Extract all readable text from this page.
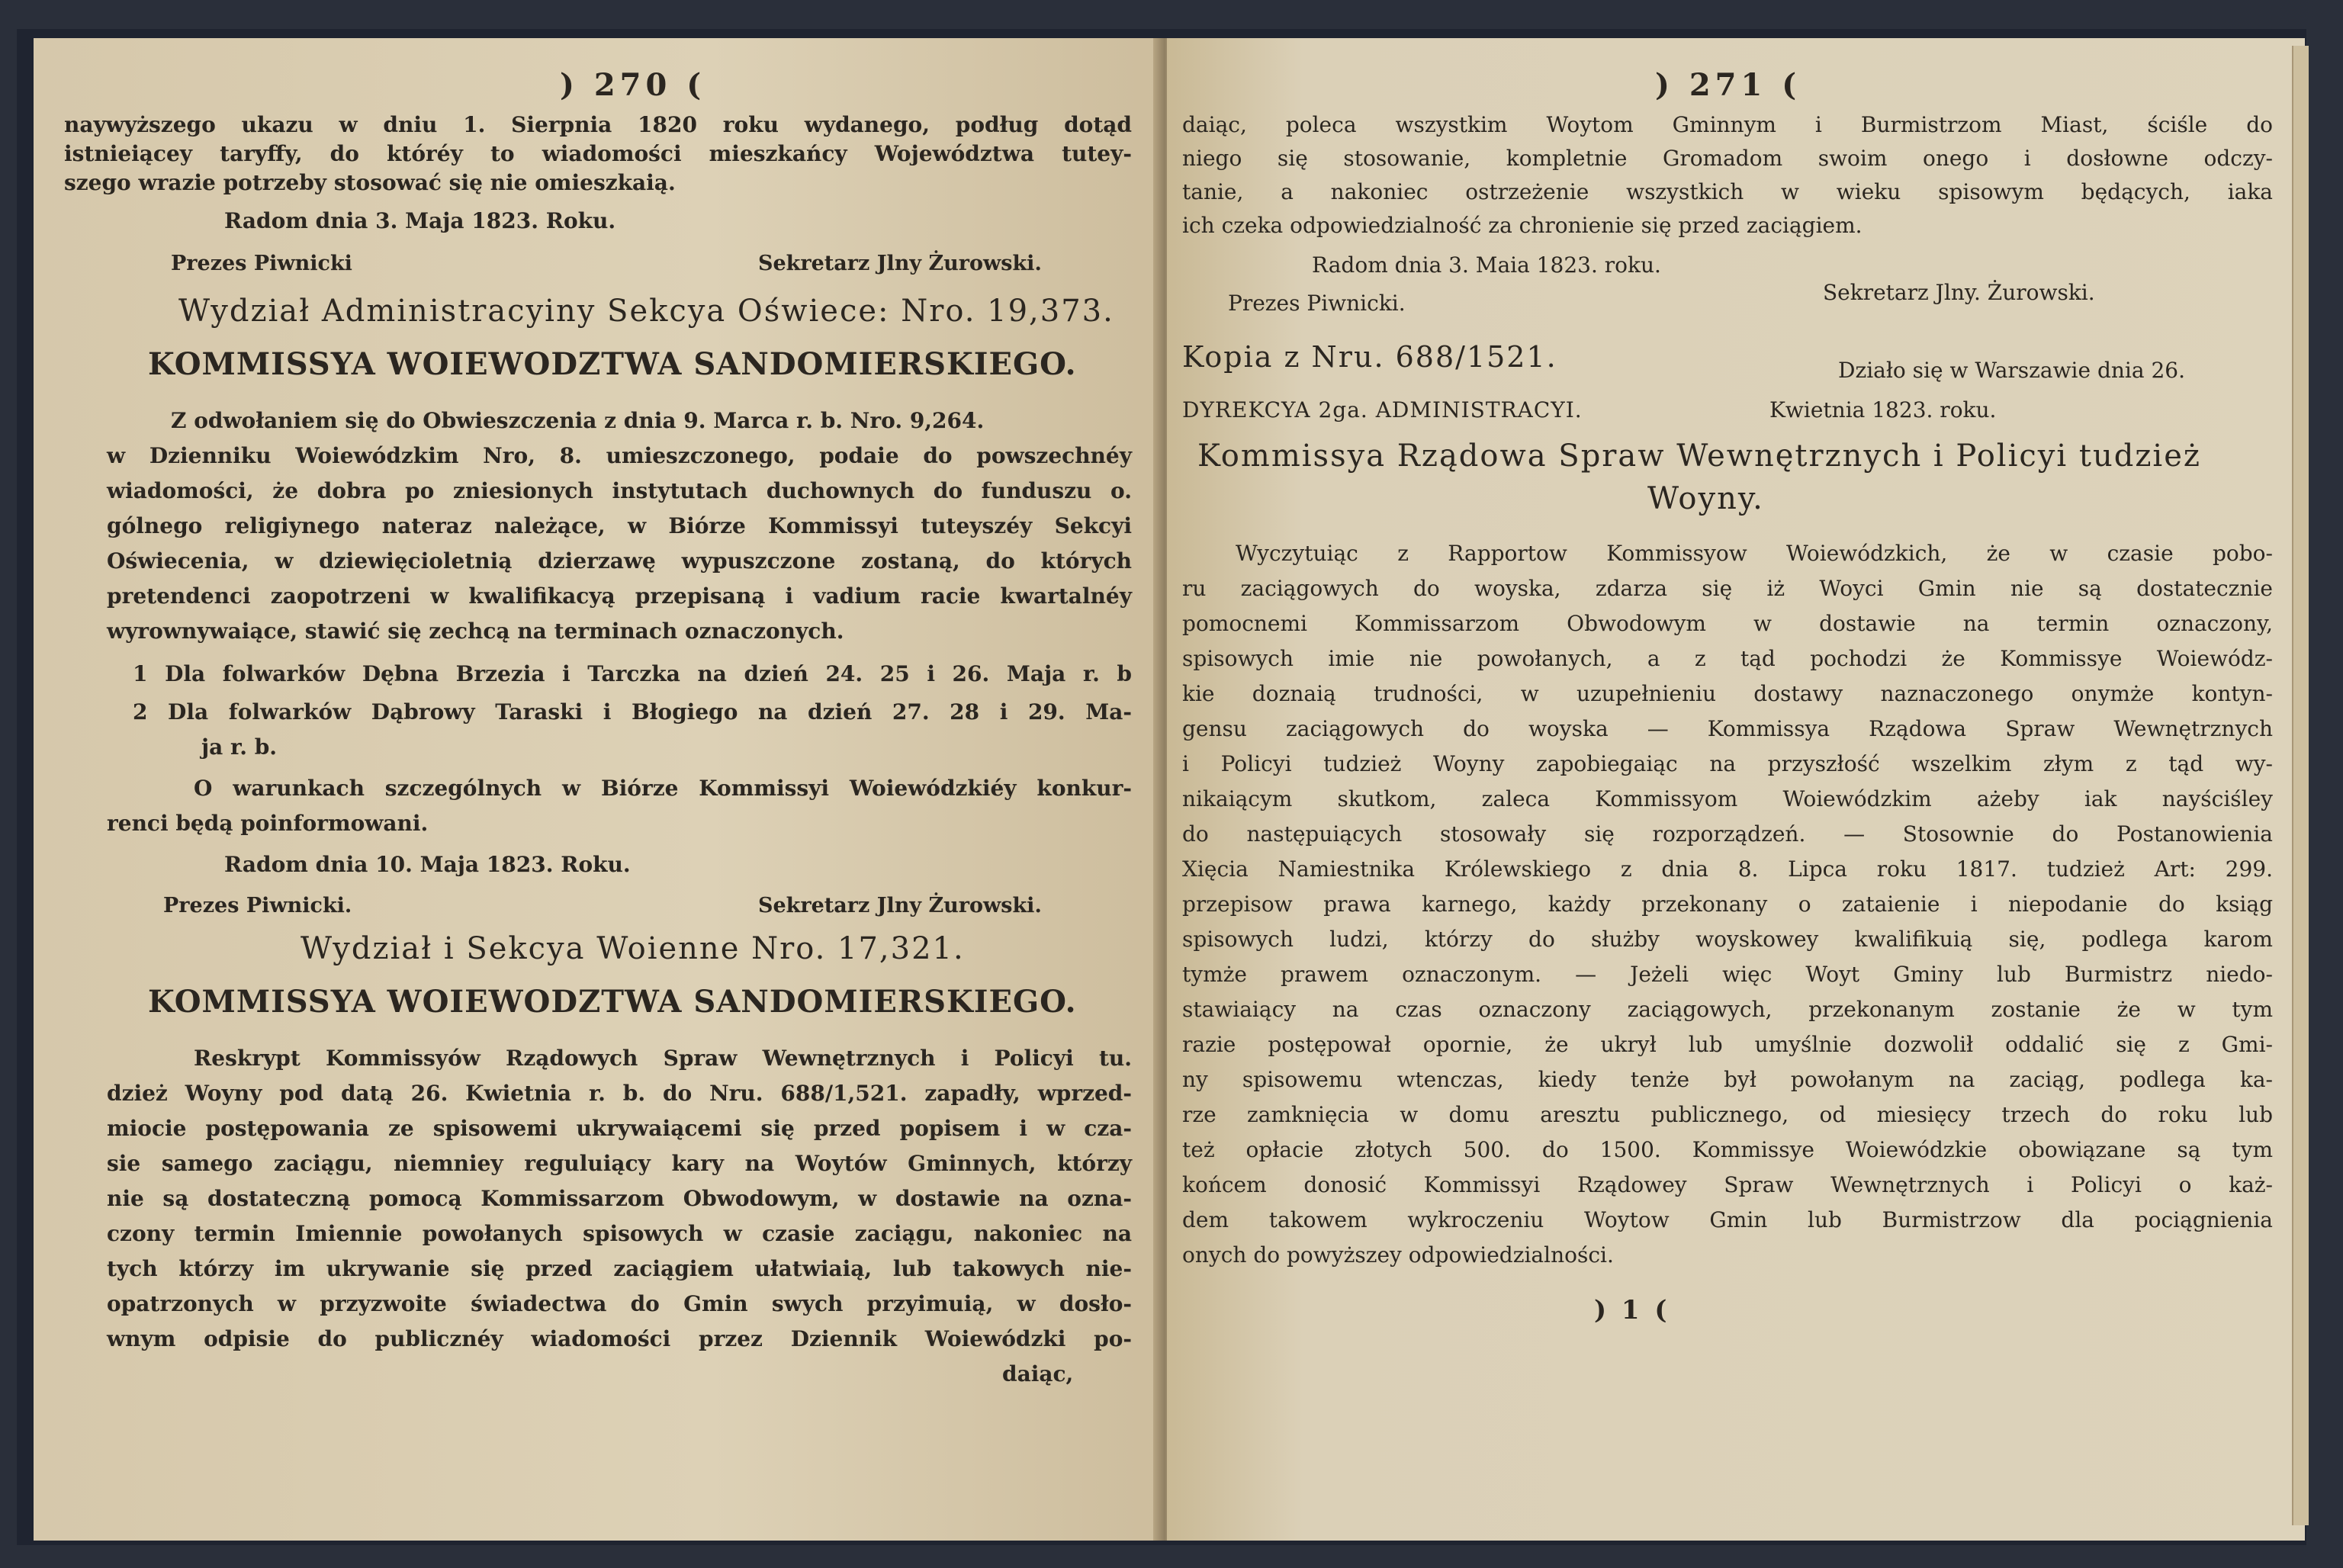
) 270 (
naywyższego ukazu w dniu 1. Sierpnia 1820 roku wydanego, podług dotąd
istnieiącey taryffy, do któréy to wiadomości mieszkańcy Województwa tutey-
szego wrazie potrzeby stosować się nie omieszkaią.
Radom dnia 3. Maja 1823. Roku.
Prezes Piwnicki	Sekretarz Jlny Żurowski.
Wydział Administracyiny Sekcya Oświece: Nro. 19,373.
KOMMISSYA WOIEWODZTWA SANDOMIERSKIEGO.
Z odwołaniem się do Obwieszczenia z dnia 9. Marca r. b. Nro. 9,264.
w Dzienniku Woiewódzkim Nro, 8. umieszczonego, podaie do powszechnéy
wiadomości, że dobra po zniesionych instytutach duchownych do funduszu o.
gólnego religiynego nateraz należące, w Biórze Kommissyi tuteyszéy Sekcyi
Oświecenia, w dziewięcioletnią dzierzawę wypuszczone zostaną, do których
pretendenci zaopotrzeni w kwalifikacyą przepisaną i vadium racie kwartalnéy
wyrownywaiące, stawić się zechcą na terminach oznaczonych.
1 Dla folwarków Dębna Brzezia i Tarczka na dzień 24. 25 i 26. Maja r. b
2 Dla folwarków Dąbrowy Taraski i Błogiego na dzień 27. 28 i 29. Ma-
ja r. b.
O warunkach szczególnych w Biórze Kommissyi Woiewódzkiéy konkur-
renci będą poinformowani.
Radom dnia 10. Maja 1823. Roku.
Prezes Piwnicki.	Sekretarz Jlny Żurowski.
Wydział i Sekcya Woienne Nro. 17,321.
KOMMISSYA WOIEWODZTWA SANDOMIERSKIEGO.
Reskrypt Kommissyów Rządowych Spraw Wewnętrznych i Policyi tu.
dzież Woyny pod datą 26. Kwietnia r. b. do Nru. 688/1,521. zapadły, wprzed-
miocie postępowania ze spisowemi ukrywaiącemi się przed popisem i w cza-
sie samego zaciągu, niemniey reguluiący kary na Woytów Gminnych, którzy
nie są dostateczną pomocą Kommissarzom Obwodowym, w dostawie na ozna-
czony termin Imiennie powołanych spisowych w czasie zaciągu, nakoniec na
tych którzy im ukrywanie się przed zaciągiem ułatwiaią, lub takowych nie-
opatrzonych w przyzwoite świadectwa do Gmin swych przyimuią, w dosło-
wnym odpisie do publicznéy wiadomości przez Dziennik Woiewódzki po-
daiąc,
) 271 (
daiąc, poleca wszystkim Woytom Gminnym i Burmistrzom Miast, ściśle do
niego się stosowanie, kompletnie Gromadom swoim onego i dosłowne odczy-
tanie, a nakoniec ostrzeżenie wszystkich w wieku spisowym będących, iaka
ich czeka odpowiedzialność za chronienie się przed zaciągiem.
Radom dnia 3. Maia 1823. roku.
Prezes Piwnicki.	Sekretarz Jlny. Żurowski.
Kopia z Nru. 688/1521.	Działo się w Warszawie dnia 26.
DYREKCYA 2ga. ADMINISTRACYI.	Kwietnia 1823. roku.
Kommissya Rządowa Spraw Wewnętrznych i Policyi tudzież
Woyny.
Wyczytuiąc z Rapportow Kommissyow Woiewódzkich, że w czasie pobo-
ru zaciągowych do woyska, zdarza się iż Woyci Gmin nie są dostatecznie
pomocnemi Kommissarzom Obwodowym w dostawie na termin oznaczony,
spisowych imie nie powołanych, a z tąd pochodzi że Kommissye Woiewódz-
kie doznaią trudności, w uzupełnieniu dostawy naznaczonego onymże kontyn-
gensu zaciągowych do woyska — Kommissya Rządowa Spraw Wewnętrznych
i Policyi tudzież Woyny zapobiegaiąc na przyszłość wszelkim złym z tąd wy-
nikaiącym skutkom, zaleca Kommissyom Woiewódzkim ażeby iak nayściśley
do następuiących stosowały się rozporządzeń. — Stosownie do Postanowienia
Xięcia Namiestnika Królewskiego z dnia 8. Lipca roku 1817. tudzież Art: 299.
przepisow prawa karnego, każdy przekonany o zataienie i niepodanie do ksiąg
spisowych ludzi, którzy do służby woyskowey kwalifikuią się, podlega karom
tymże prawem oznaczonym. — Jeżeli więc Woyt Gminy lub Burmistrz niedo-
stawiaiący na czas oznaczony zaciągowych, przekonanym zostanie że w tym
razie postępował opornie, że ukrył lub umyślnie dozwolił oddalić się z Gmi-
ny spisowemu wtenczas, kiedy tenże był powołanym na zaciąg, podlega ka-
rze zamknięcia w domu aresztu publicznego, od miesięcy trzech do roku lub
też opłacie złotych 500. do 1500. Kommissye Woiewódzkie obowiązane są tym
końcem donosić Kommissyi Rządowey Spraw Wewnętrznych i Policyi o każ-
dem takowem wykroczeniu Woytow Gmin lub Burmistrzow dla pociągnienia
onych do powyższey odpowiedzialności.
) 1 (
